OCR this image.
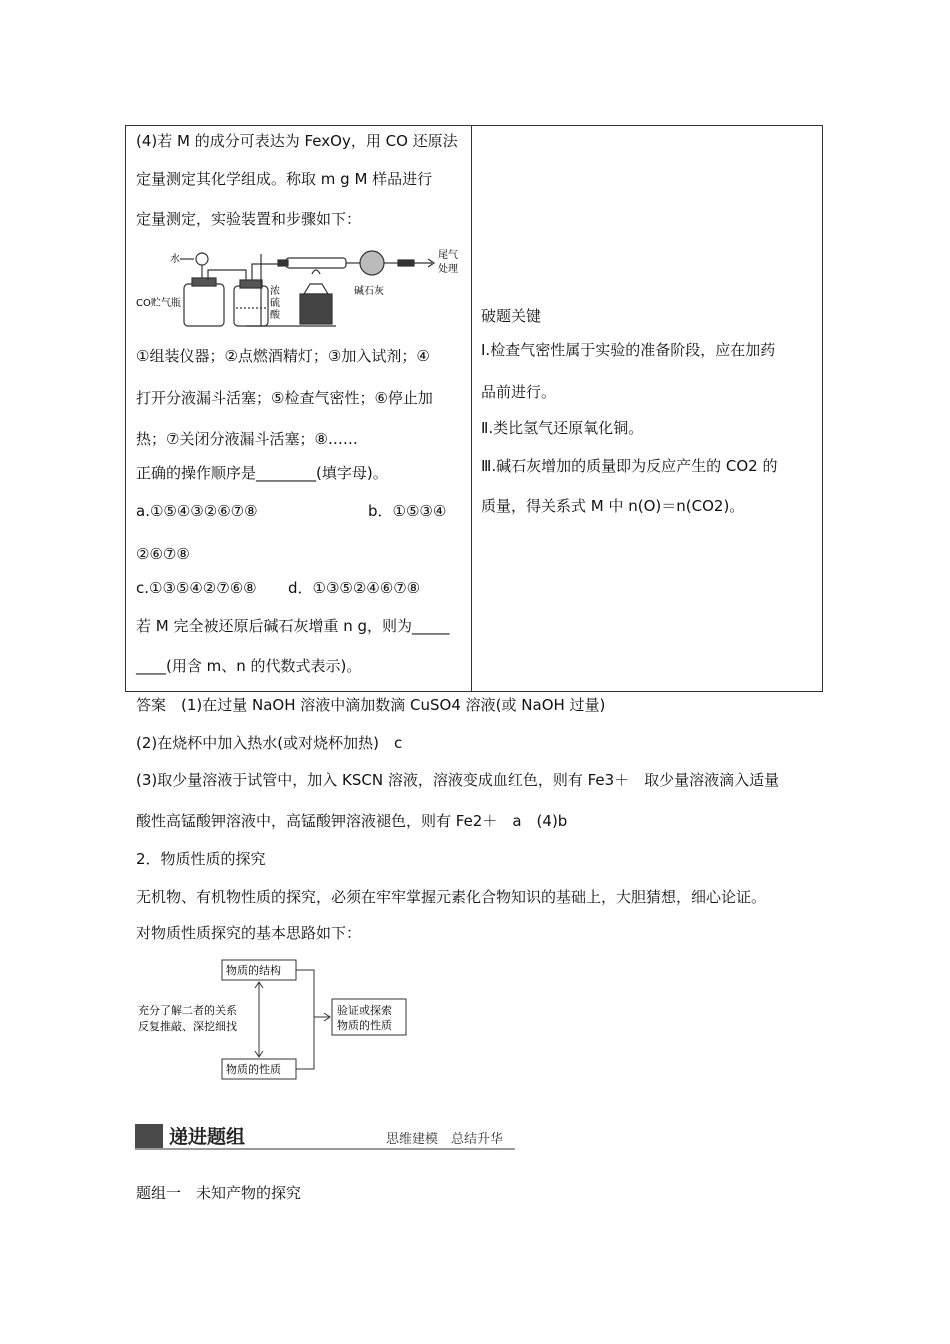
(4)若 M 的成分可表达为 FexOy，用 CO 还原法
定量测定其化学组成。称取 m g M 样品进行
定量测定，实验装置和步骤如下：
水
CO贮气瓶
浓
硫
酸
碱石灰
尾气
处理
①组装仪器；②点燃酒精灯；③加入试剂；④
打开分液漏斗活塞；⑤检查气密性；⑥停止加
热；⑦关闭分液漏斗活塞；⑧……
正确的操作顺序是________(填字母)。
a.①⑤④③②⑥⑦⑧	b．①⑤③④
②⑥⑦⑧
c.①③⑤④②⑦⑥⑧ d．①③⑤②④⑥⑦⑧
若 M 完全被还原后碱石灰增重 n g，则为_____
____(用含 m、n 的代数式表示)。
破题关键
Ⅰ.检查气密性属于实验的准备阶段，应在加药
品前进行。
Ⅱ.类比氢气还原氧化铜。
Ⅲ.碱石灰增加的质量即为反应产生的 CO2 的
质量，得关系式 M 中 n(O)＝n(CO2)。
答案　(1)在过量 NaOH 溶液中滴加数滴 CuSO4 溶液(或 NaOH 过量)
(2)在烧杯中加入热水(或对烧杯加热)　c
(3)取少量溶液于试管中，加入 KSCN 溶液，溶液变成血红色，则有 Fe3＋　取少量溶液滴入适量
酸性高锰酸钾溶液中，高锰酸钾溶液褪色，则有 Fe2＋　a　(4)b
2．物质性质的探究
无机物、有机物性质的探究，必须在牢牢掌握元素化合物知识的基础上，大胆猜想，细心论证。
对物质性质探究的基本思路如下：
物质的结构
物质的性质
验证或探索
物质的性质
充分了解二者的关系
反复推敲、深挖细找
递进题组	思维建模　总结升华
题组一　未知产物的探究
